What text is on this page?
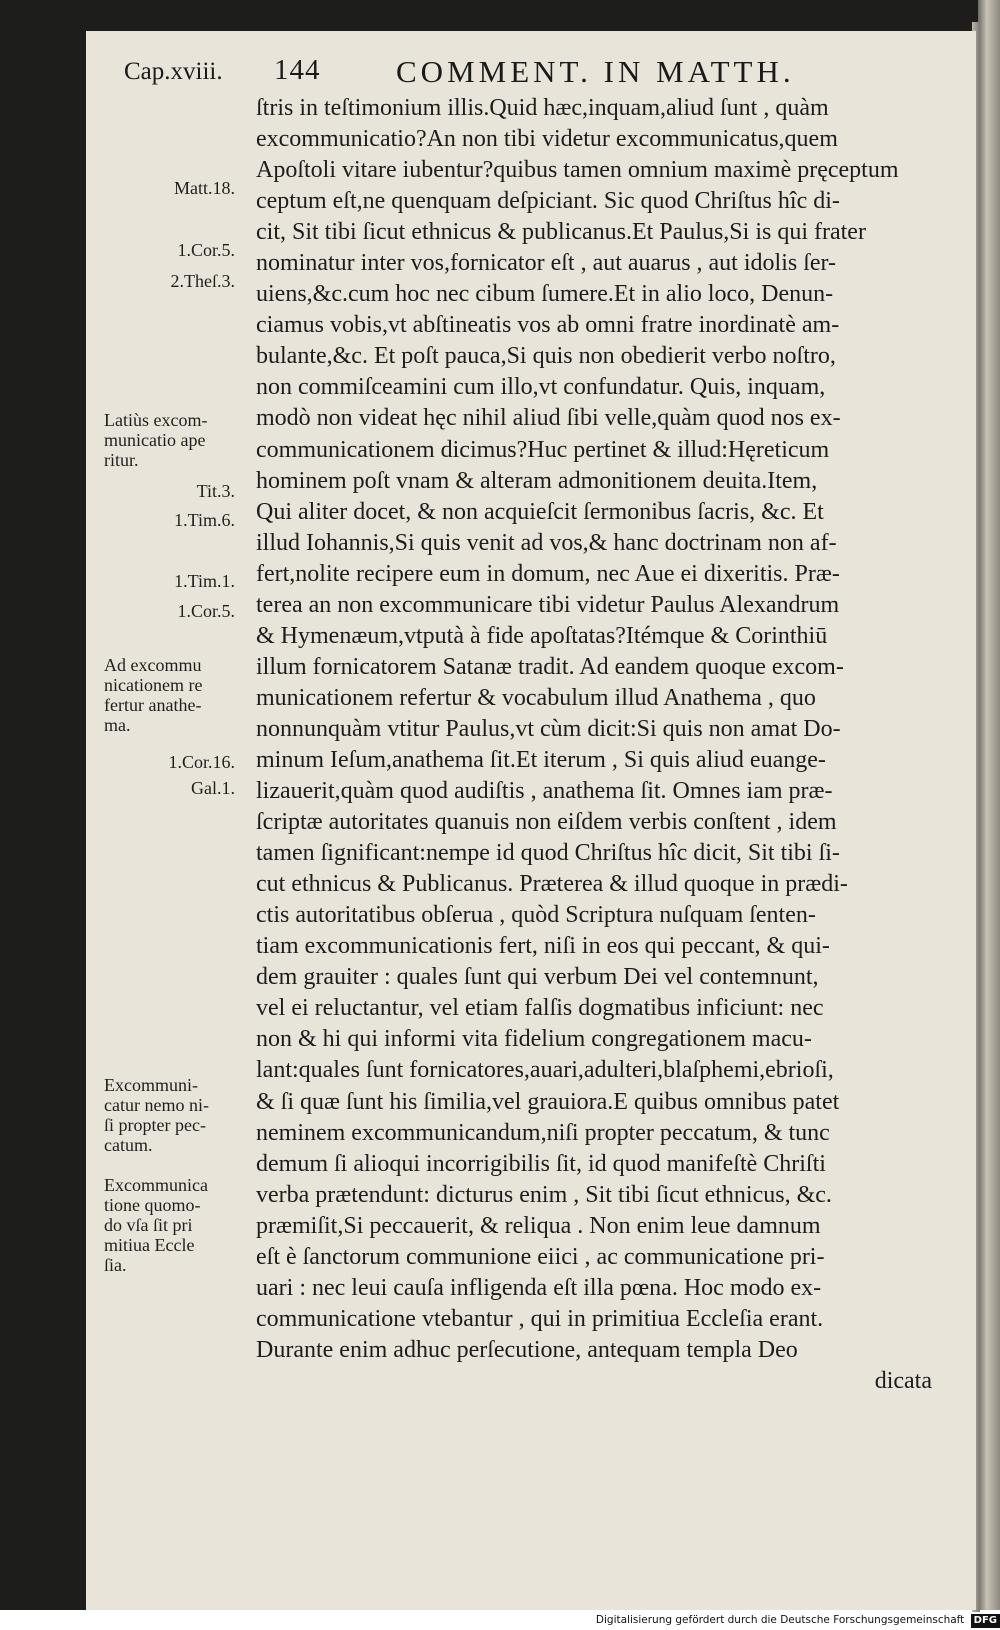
Cap.xviii. 144 COMMENT. IN MATTH.
ſtris in teſtimonium illis.Quid hæc,inquam,aliud ſunt , quàm
excommunicatio?An non tibi videtur excommunicatus,quem
Apoſtoli vitare iubentur?quibus tamen omnium maximè pręceptum
ceptum eſt,ne quenquam deſpiciant. Sic quod Chriſtus hîc di-
cit, Sit tibi ſicut ethnicus & publicanus.Et Paulus,Si is qui frater
nominatur inter vos,fornicator eſt , aut auarus , aut idolis ſer-
uiens,&c.cum hoc nec cibum ſumere.Et in alio loco, Denun-
ciamus vobis,vt abſtineatis vos ab omni fratre inordinatè am-
bulante,&c. Et poſt pauca,Si quis non obedierit verbo noſtro,
non commiſceamini cum illo,vt confundatur. Quis, inquam,
modò non videat hęc nihil aliud ſibi velle,quàm quod nos ex-
communicationem dicimus?Huc pertinet & illud:Hęreticum
hominem poſt vnam & alteram admonitionem deuita.Item,
Qui aliter docet, & non acquieſcit ſermonibus ſacris, &c. Et
illud Iohannis,Si quis venit ad vos,& hanc doctrinam non af-
fert,nolite recipere eum in domum, nec Aue ei dixeritis. Præ-
terea an non excommunicare tibi videtur Paulus Alexandrum
& Hymenæum,vtputà à fide apoſtatas?Itémque & Corinthiū
illum fornicatorem Satanæ tradit. Ad eandem quoque excom-
municationem refertur & vocabulum illud Anathema , quo
nonnunquàm vtitur Paulus,vt cùm dicit:Si quis non amat Do-
minum Ieſum,anathema ſit.Et iterum , Si quis aliud euange-
lizauerit,quàm quod audiſtis , anathema ſit. Omnes iam præ-
ſcriptæ autoritates quanuis non eiſdem verbis conſtent , idem
tamen ſignificant:nempe id quod Chriſtus hîc dicit, Sit tibi ſi-
cut ethnicus & Publicanus. Præterea & illud quoque in prædi-
ctis autoritatibus obſerua , quòd Scriptura nuſquam ſenten-
tiam excommunicationis fert, niſi in eos qui peccant, & qui-
dem grauiter : quales ſunt qui verbum Dei vel contemnunt,
vel ei reluctantur, vel etiam falſis dogmatibus inficiunt: nec
non & hi qui informi vita fidelium congregationem macu-
lant:quales ſunt fornicatores,auari,adulteri,blaſphemi,ebrioſi,
& ſi quæ ſunt his ſimilia,vel grauiora.E quibus omnibus patet
neminem excommunicandum,niſi propter peccatum, & tunc
demum ſi alioqui incorrigibilis ſit, id quod manifeſtè Chriſti
verba prætendunt: dicturus enim , Sit tibi ſicut ethnicus, &c.
præmiſit,Si peccauerit, & reliqua . Non enim leue damnum
eſt è ſanctorum communione eiici , ac communicatione pri-
uari : nec leui cauſa infligenda eſt illa pœna. Hoc modo ex-
communicatione vtebantur , qui in primitiua Eccleſia erant.
Durante enim adhuc perſecutione, antequam templa Deo
dicata
Matt.18.
1.Cor.5.
2.Theſ.3.
Tit.3.
1.Tim.6.
1.Tim.1.
1.Cor.5.
1.Cor.16.
Gal.1.
Latiùs excom-
municatio ape
ritur.
Ad excommu
nicationem re
fertur anathe-
ma.
Excommuni-
catur nemo ni-
ſi propter pec-
catum.
Excommunica
tione quomo-
do vſa ſit pri
mitiua Eccle
ſia.
Digitalisierung gefördert durch die Deutsche Forschungsgemeinschaft DFG
